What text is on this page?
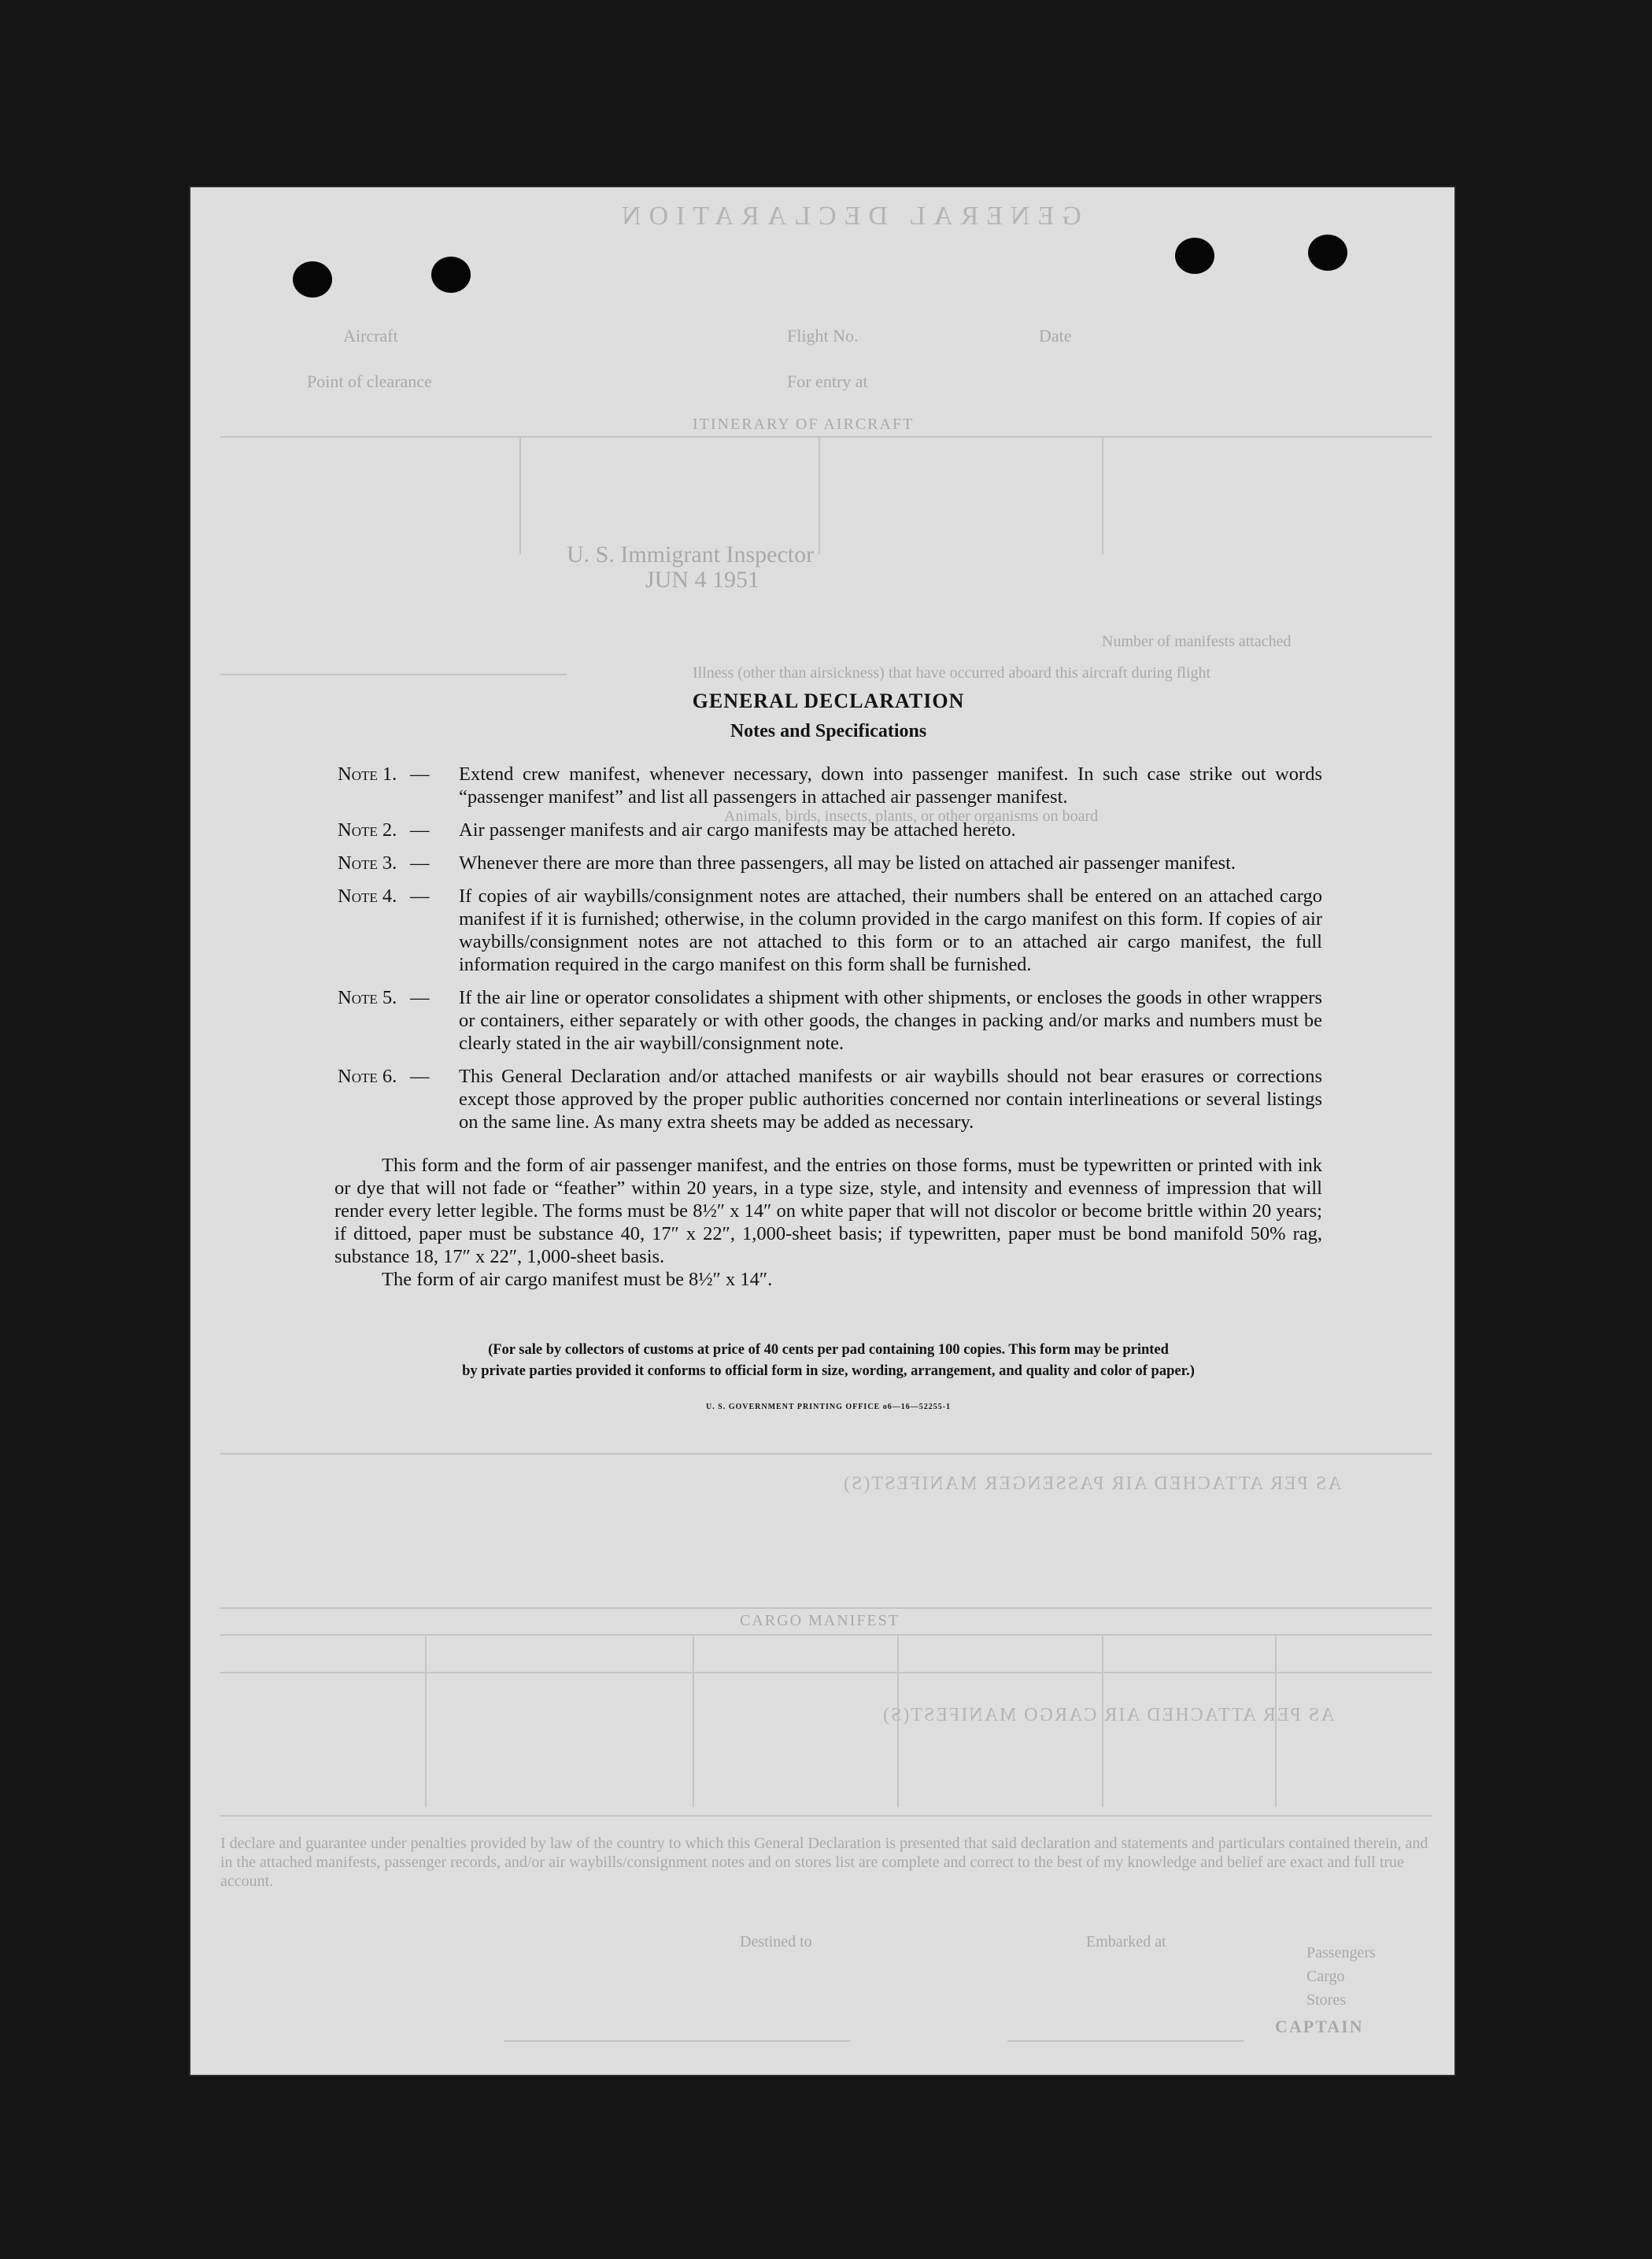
GENERAL DECLARATION
Aircraft	Flight No.	Date
Point of clearance	For entry at
ITINERARY OF AIRCRAFT
U. S. Immigrant Inspector
JUN 4 1951
Number of manifests attached
Illness (other than airsickness) that have occurred aboard this aircraft during flight
Animals, birds, insects, plants, or other organisms on board
AS PER ATTACHED AIR PASSENGER MANIFEST(S)
CARGO MANIFEST
AS PER ATTACHED AIR CARGO MANIFEST(S)
I declare and guarantee under penalties provided by law of the country to which this General Declaration is presented that said declaration and statements and particulars contained therein, and in the attached manifests, passenger records, and/or air waybills/consignment notes and on stores list are complete and correct to the best of my knowledge and belief are exact and full true account.
Embarked at
Destined to
Passengers
Cargo
Stores
CAPTAIN
GENERAL DECLARATION
Notes and Specifications
Note 1. — Extend crew manifest, whenever necessary, down into passenger manifest. In such case strike out words “passenger manifest” and list all passengers in attached air passenger manifest.
Note 2. — Air passenger manifests and air cargo manifests may be attached hereto.
Note 3. — Whenever there are more than three passengers, all may be listed on attached air passenger manifest.
Note 4. — If copies of air waybills/consignment notes are attached, their numbers shall be entered on an attached cargo manifest if it is furnished; otherwise, in the column provided in the cargo manifest on this form. If copies of air waybills/consignment notes are not attached to this form or to an attached air cargo manifest, the full information required in the cargo manifest on this form shall be furnished.
Note 5. — If the air line or operator consolidates a shipment with other shipments, or encloses the goods in other wrappers or containers, either separately or with other goods, the changes in packing and/or marks and numbers must be clearly stated in the air waybill/consignment note.
Note 6. — This General Declaration and/or attached manifests or air waybills should not bear erasures or corrections except those approved by the proper public authorities concerned nor contain interlineations or several listings on the same line. As many extra sheets may be added as necessary.
This form and the form of air passenger manifest, and the entries on those forms, must be typewritten or printed with ink or dye that will not fade or “feather” within 20 years, in a type size, style, and intensity and evenness of impression that will render every letter legible. The forms must be 8½″ x 14″ on white paper that will not discolor or become brittle within 20 years; if dittoed, paper must be substance 40, 17″ x 22″, 1,000-sheet basis; if typewritten, paper must be bond manifold 50% rag, substance 18, 17″ x 22″, 1,000-sheet basis.
The form of air cargo manifest must be 8½″ x 14″.
(For sale by collectors of customs at price of 40 cents per pad containing 100 copies. This form may be printed
by private parties provided it conforms to official form in size, wording, arrangement, and quality and color of paper.)
U. S. GOVERNMENT PRINTING OFFICE o6—16—52255-1
